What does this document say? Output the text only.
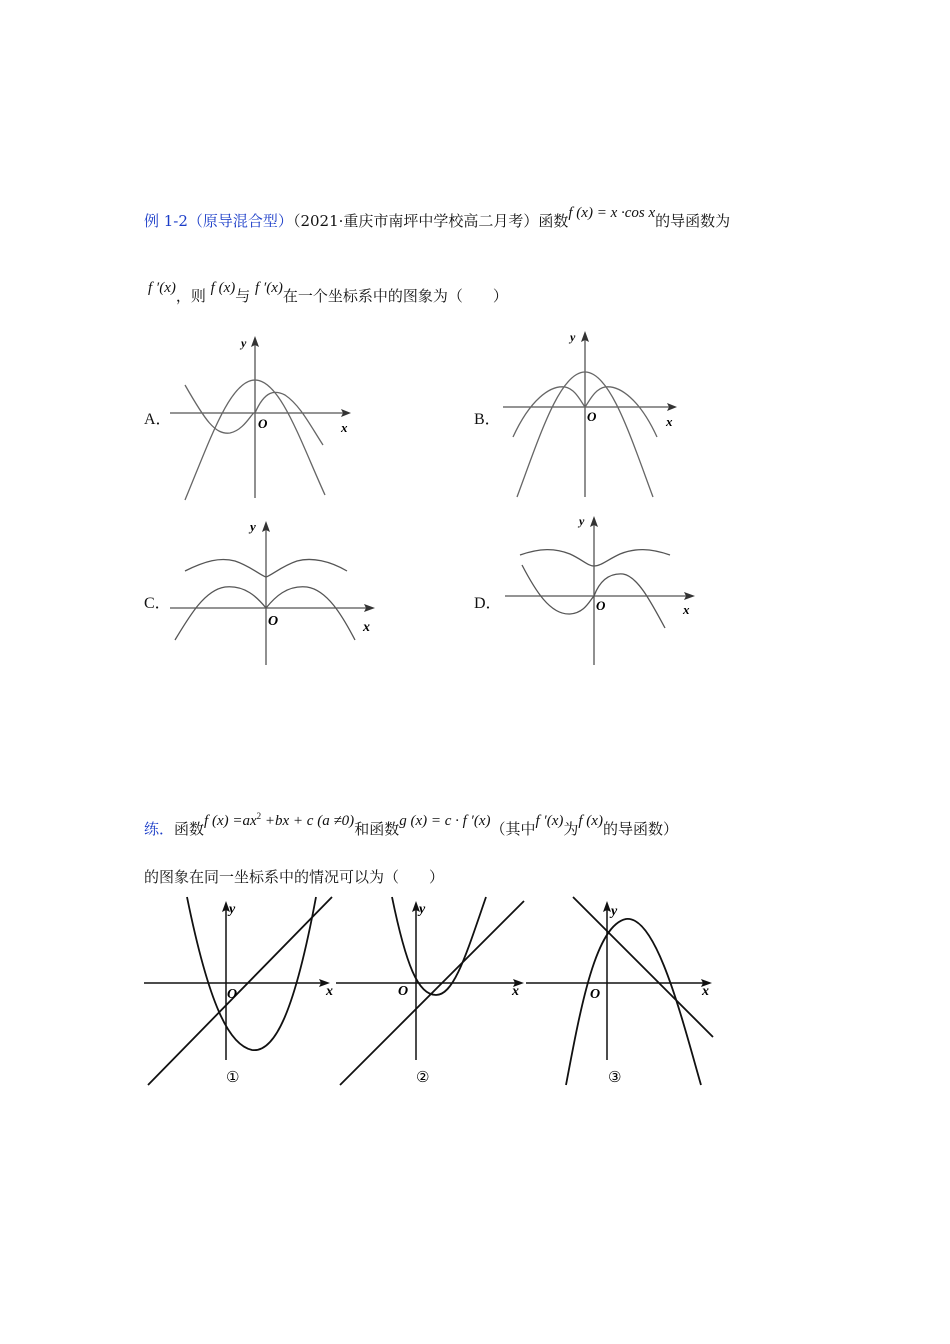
例 1-2（原导混合型）（2021·重庆市南坪中学校高二月考）函数f (x) = x ·cos x的导函数为
f ′(x)，则 f (x)与 f ′(x)在一个坐标系中的图象为（　　）
A．	B．
C．	D．
x
y
O	x
y
O
x
y
O
x
y
O
练．函数f $(x) =ax^2 +bx + c$ (a ≠0)和函数g (x) = c · f ′(x)（其中f ′(x)为f (x)的导函数）
的图象在同一坐标系中的情况可以为（　　）
x
y
O
①
x
y
O
②
x
y
O
③
